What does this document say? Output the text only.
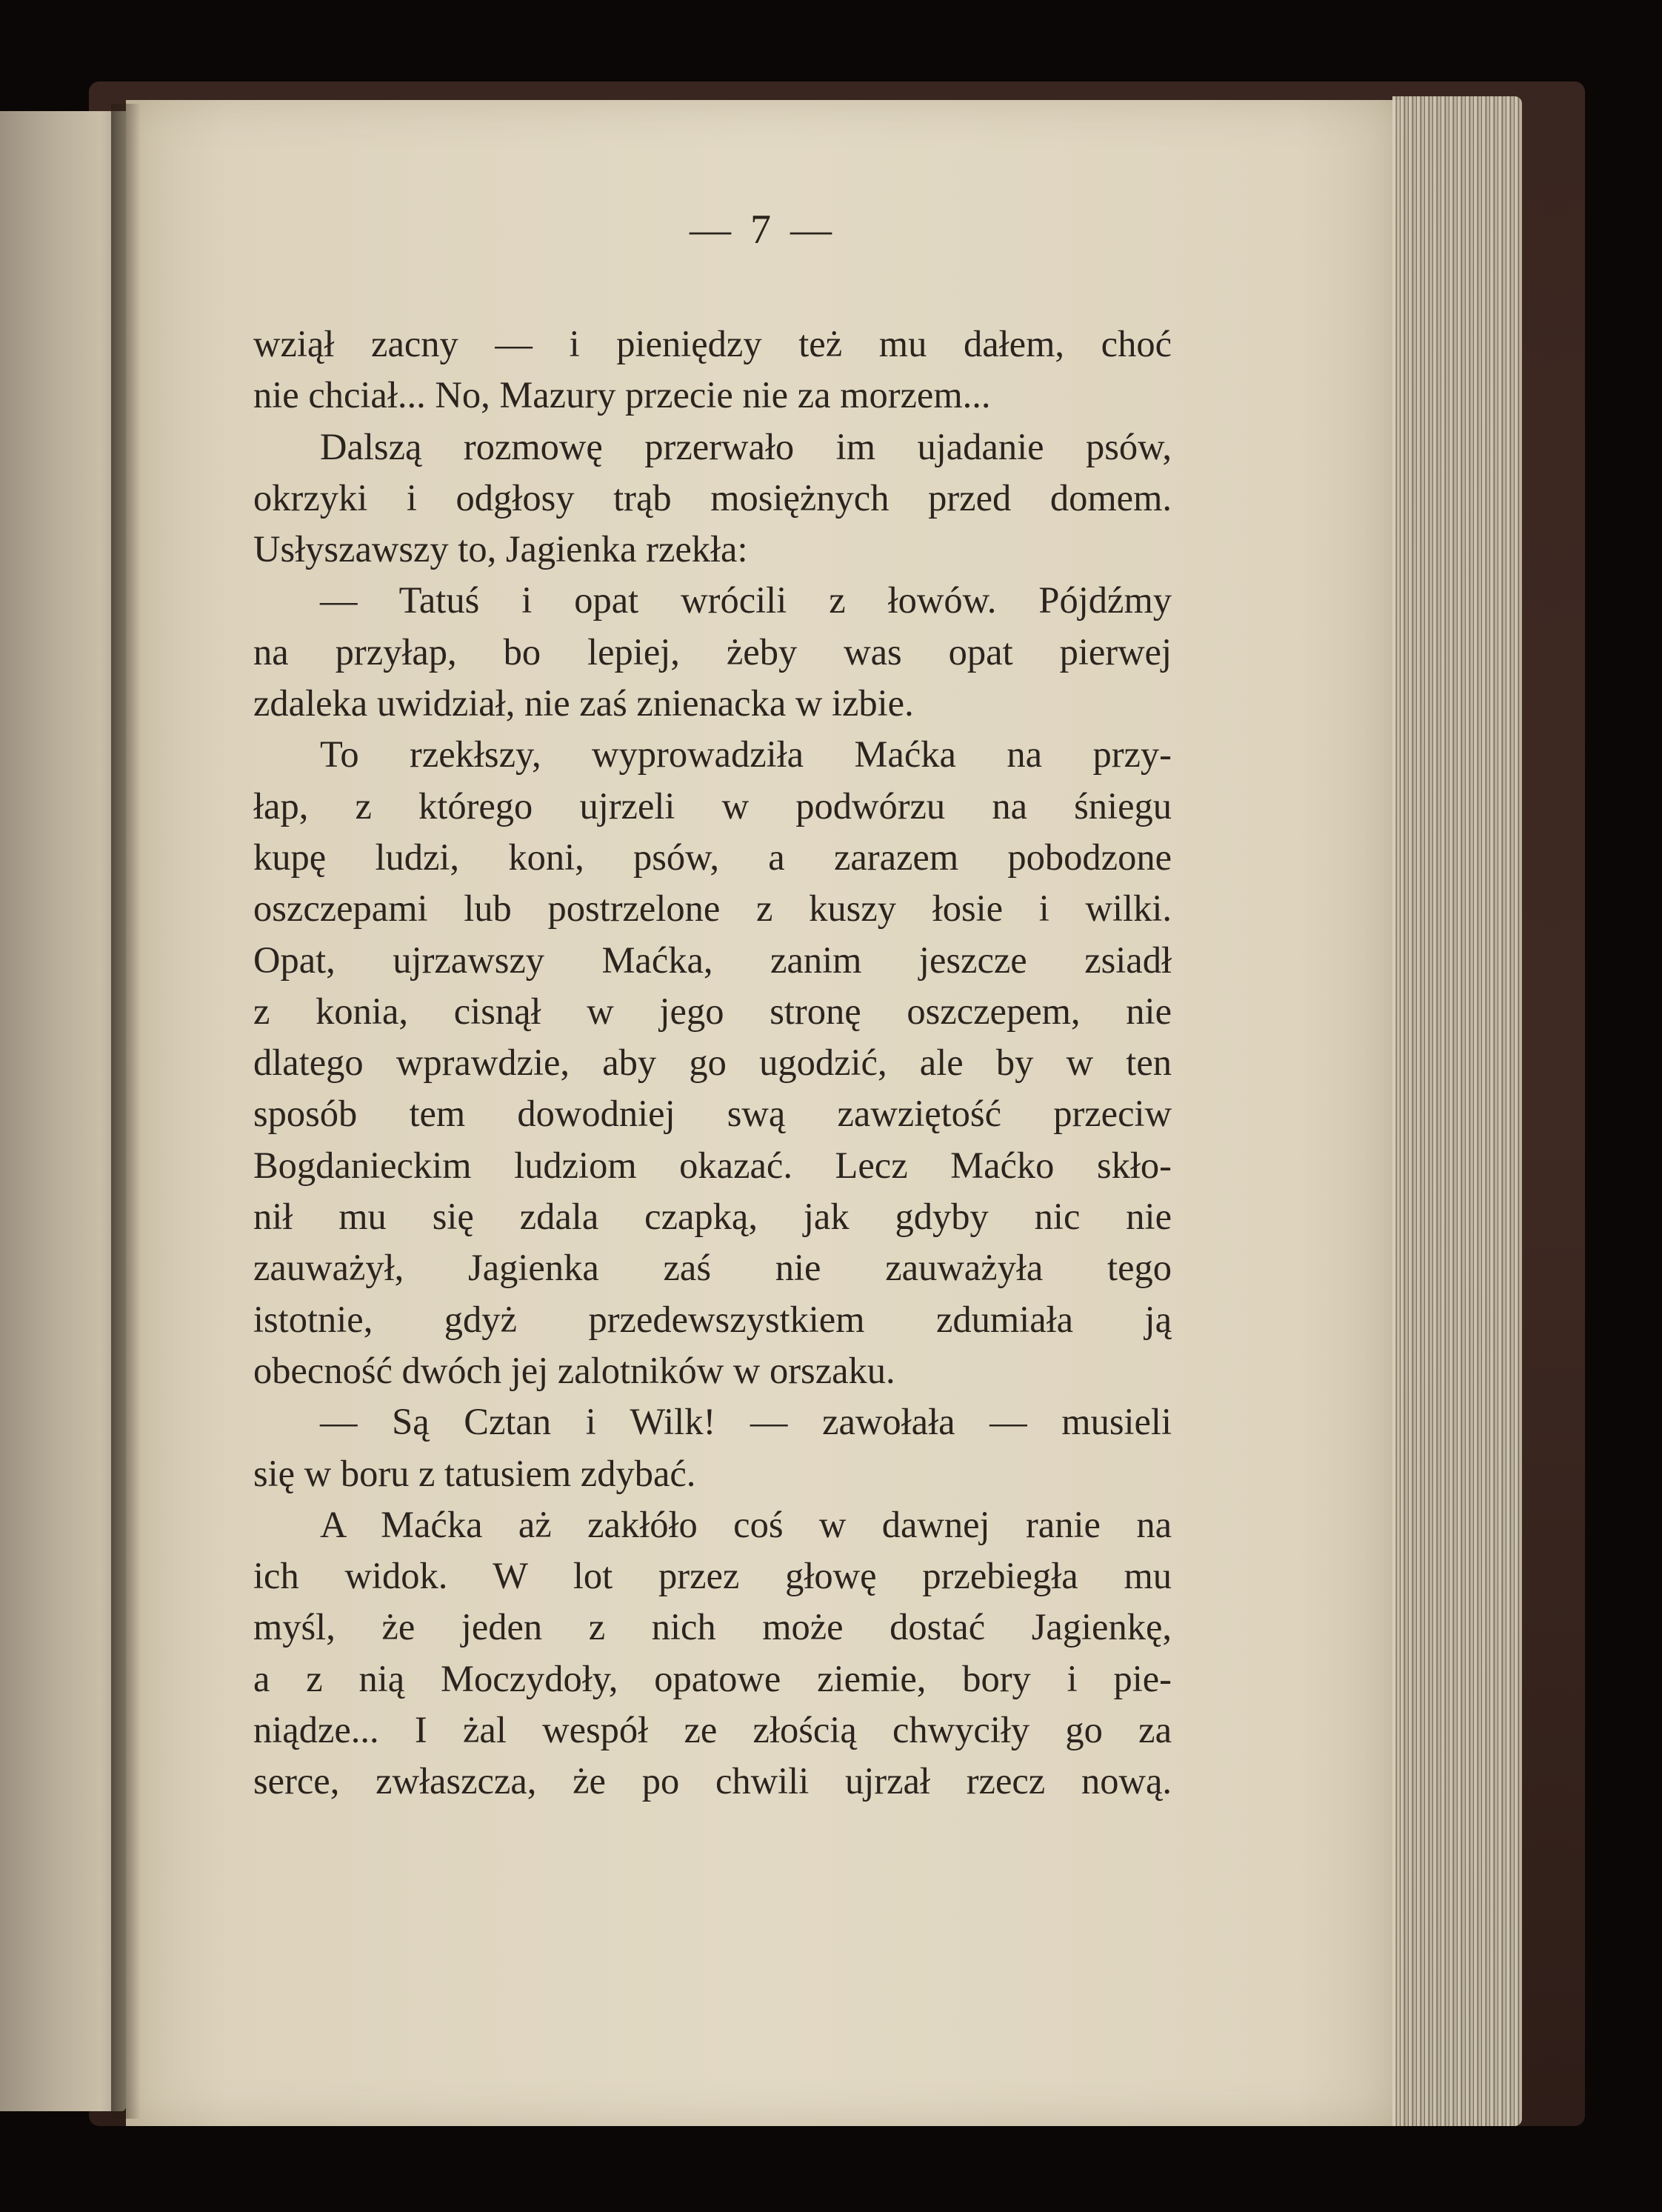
— 7 —
wziął zacny — i pieniędzy też mu dałem, choć
nie chciał... No, Mazury przecie nie za morzem...
Dalszą rozmowę przerwało im ujadanie psów,
okrzyki i odgłosy trąb mosiężnych przed domem.
Usłyszawszy to, Jagienka rzekła:
— Tatuś i opat wrócili z łowów. Pójdźmy
na przyłap, bo lepiej, żeby was opat pierwej
zdaleka uwidział, nie zaś znienacka w izbie.
To rzekłszy, wyprowadziła Maćka na przy-
łap, z którego ujrzeli w podwórzu na śniegu
kupę ludzi, koni, psów, a zarazem pobodzone
oszczepami lub postrzelone z kuszy łosie i wilki.
Opat, ujrzawszy Maćka, zanim jeszcze zsiadł
z konia, cisnął w jego stronę oszczepem, nie
dlatego wprawdzie, aby go ugodzić, ale by w ten
sposób tem dowodniej swą zawziętość przeciw
Bogdanieckim ludziom okazać. Lecz Maćko skło-
nił mu się zdala czapką, jak gdyby nic nie
zauważył, Jagienka zaś nie zauważyła tego
istotnie, gdyż przedewszystkiem zdumiała ją
obecność dwóch jej zalotników w orszaku.
— Są Cztan i Wilk! — zawołała — musieli
się w boru z tatusiem zdybać.
A Maćka aż zakłóło coś w dawnej ranie na
ich widok. W lot przez głowę przebiegła mu
myśl, że jeden z nich może dostać Jagienkę,
a z nią Moczydoły, opatowe ziemie, bory i pie-
niądze... I żal wespół ze złością chwyciły go za
serce, zwłaszcza, że po chwili ujrzał rzecz nową.
